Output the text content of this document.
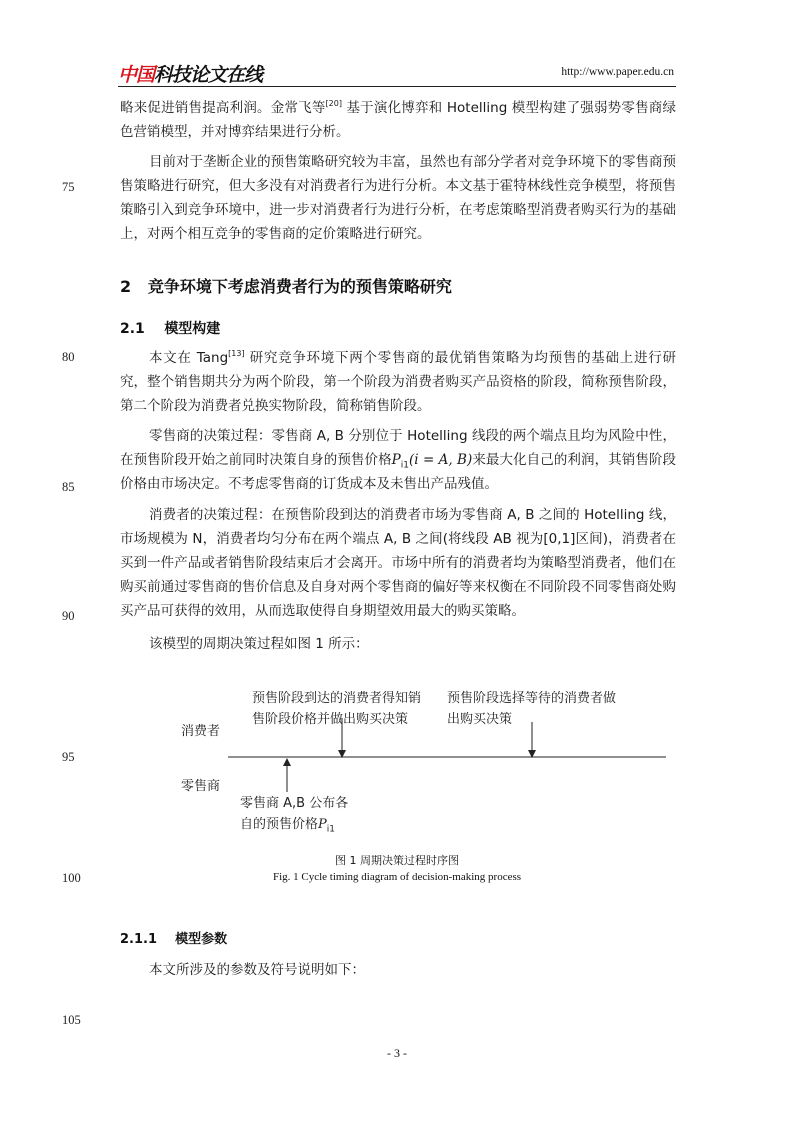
中国科技论文在线	http://www.paper.edu.cn
75
80
85
90
95
100
105

略来促进销售提高利润。金常飞等[20] 基于演化博弈和 Hotelling 模型构建了强弱势零售商绿色营销模型，并对博弈结果进行分析。

目前对于垄断企业的预售策略研究较为丰富，虽然也有部分学者对竞争环境下的零售商预售策略进行研究，但大多没有对消费者行为进行分析。本文基于霍特林线性竞争模型，将预售策略引入到竞争环境中，进一步对消费者行为进行分析，在考虑策略型消费者购买行为的基础上，对两个相互竞争的零售商的定价策略进行研究。

2 竞争环境下考虑消费者行为的预售策略研究
2.1 模型构建

本文在 Tang[13] 研究竞争环境下两个零售商的最优销售策略为均预售的基础上进行研究，整个销售期共分为两个阶段，第一个阶段为消费者购买产品资格的阶段，简称预售阶段，第二个阶段为消费者兑换实物阶段，简称销售阶段。

零售商的决策过程：零售商 A, B 分别位于 Hotelling 线段的两个端点且均为风险中性，在预售阶段开始之前同时决策自身的预售价格$P_{i1}(i = A$, B)来最大化自己的利润，其销售阶段价格由市场决定。不考虑零售商的订货成本及未售出产品残值。

消费者的决策过程：在预售阶段到达的消费者市场为零售商 A, B 之间的 Hotelling 线，市场规模为 N，消费者均匀分布在两个端点 A, B 之间(将线段 AB 视为[0,1]区间)，消费者在买到一件产品或者销售阶段结束后才会离开。市场中所有的消费者均为策略型消费者，他们在购买前通过零售商的售价信息及自身对两个零售商的偏好等来权衡在不同阶段不同零售商处购买产品可获得的效用，从而选取使得自身期望效用最大的购买策略。

该模型的周期决策过程如图 1 所示：

消费者
零售商
预售阶段到达的消费者得知销
售阶段价格并做出购买决策
预售阶段选择等待的消费者做
出购买决策
零售商 A,B 公布各
自的预售价格$P_{i1}$
图 1 周期决策过程时序图
Fig. 1 Cycle timing diagram of decision-making process
2.1.1 模型参数

本文所涉及的参数及符号说明如下：

- 3 -
